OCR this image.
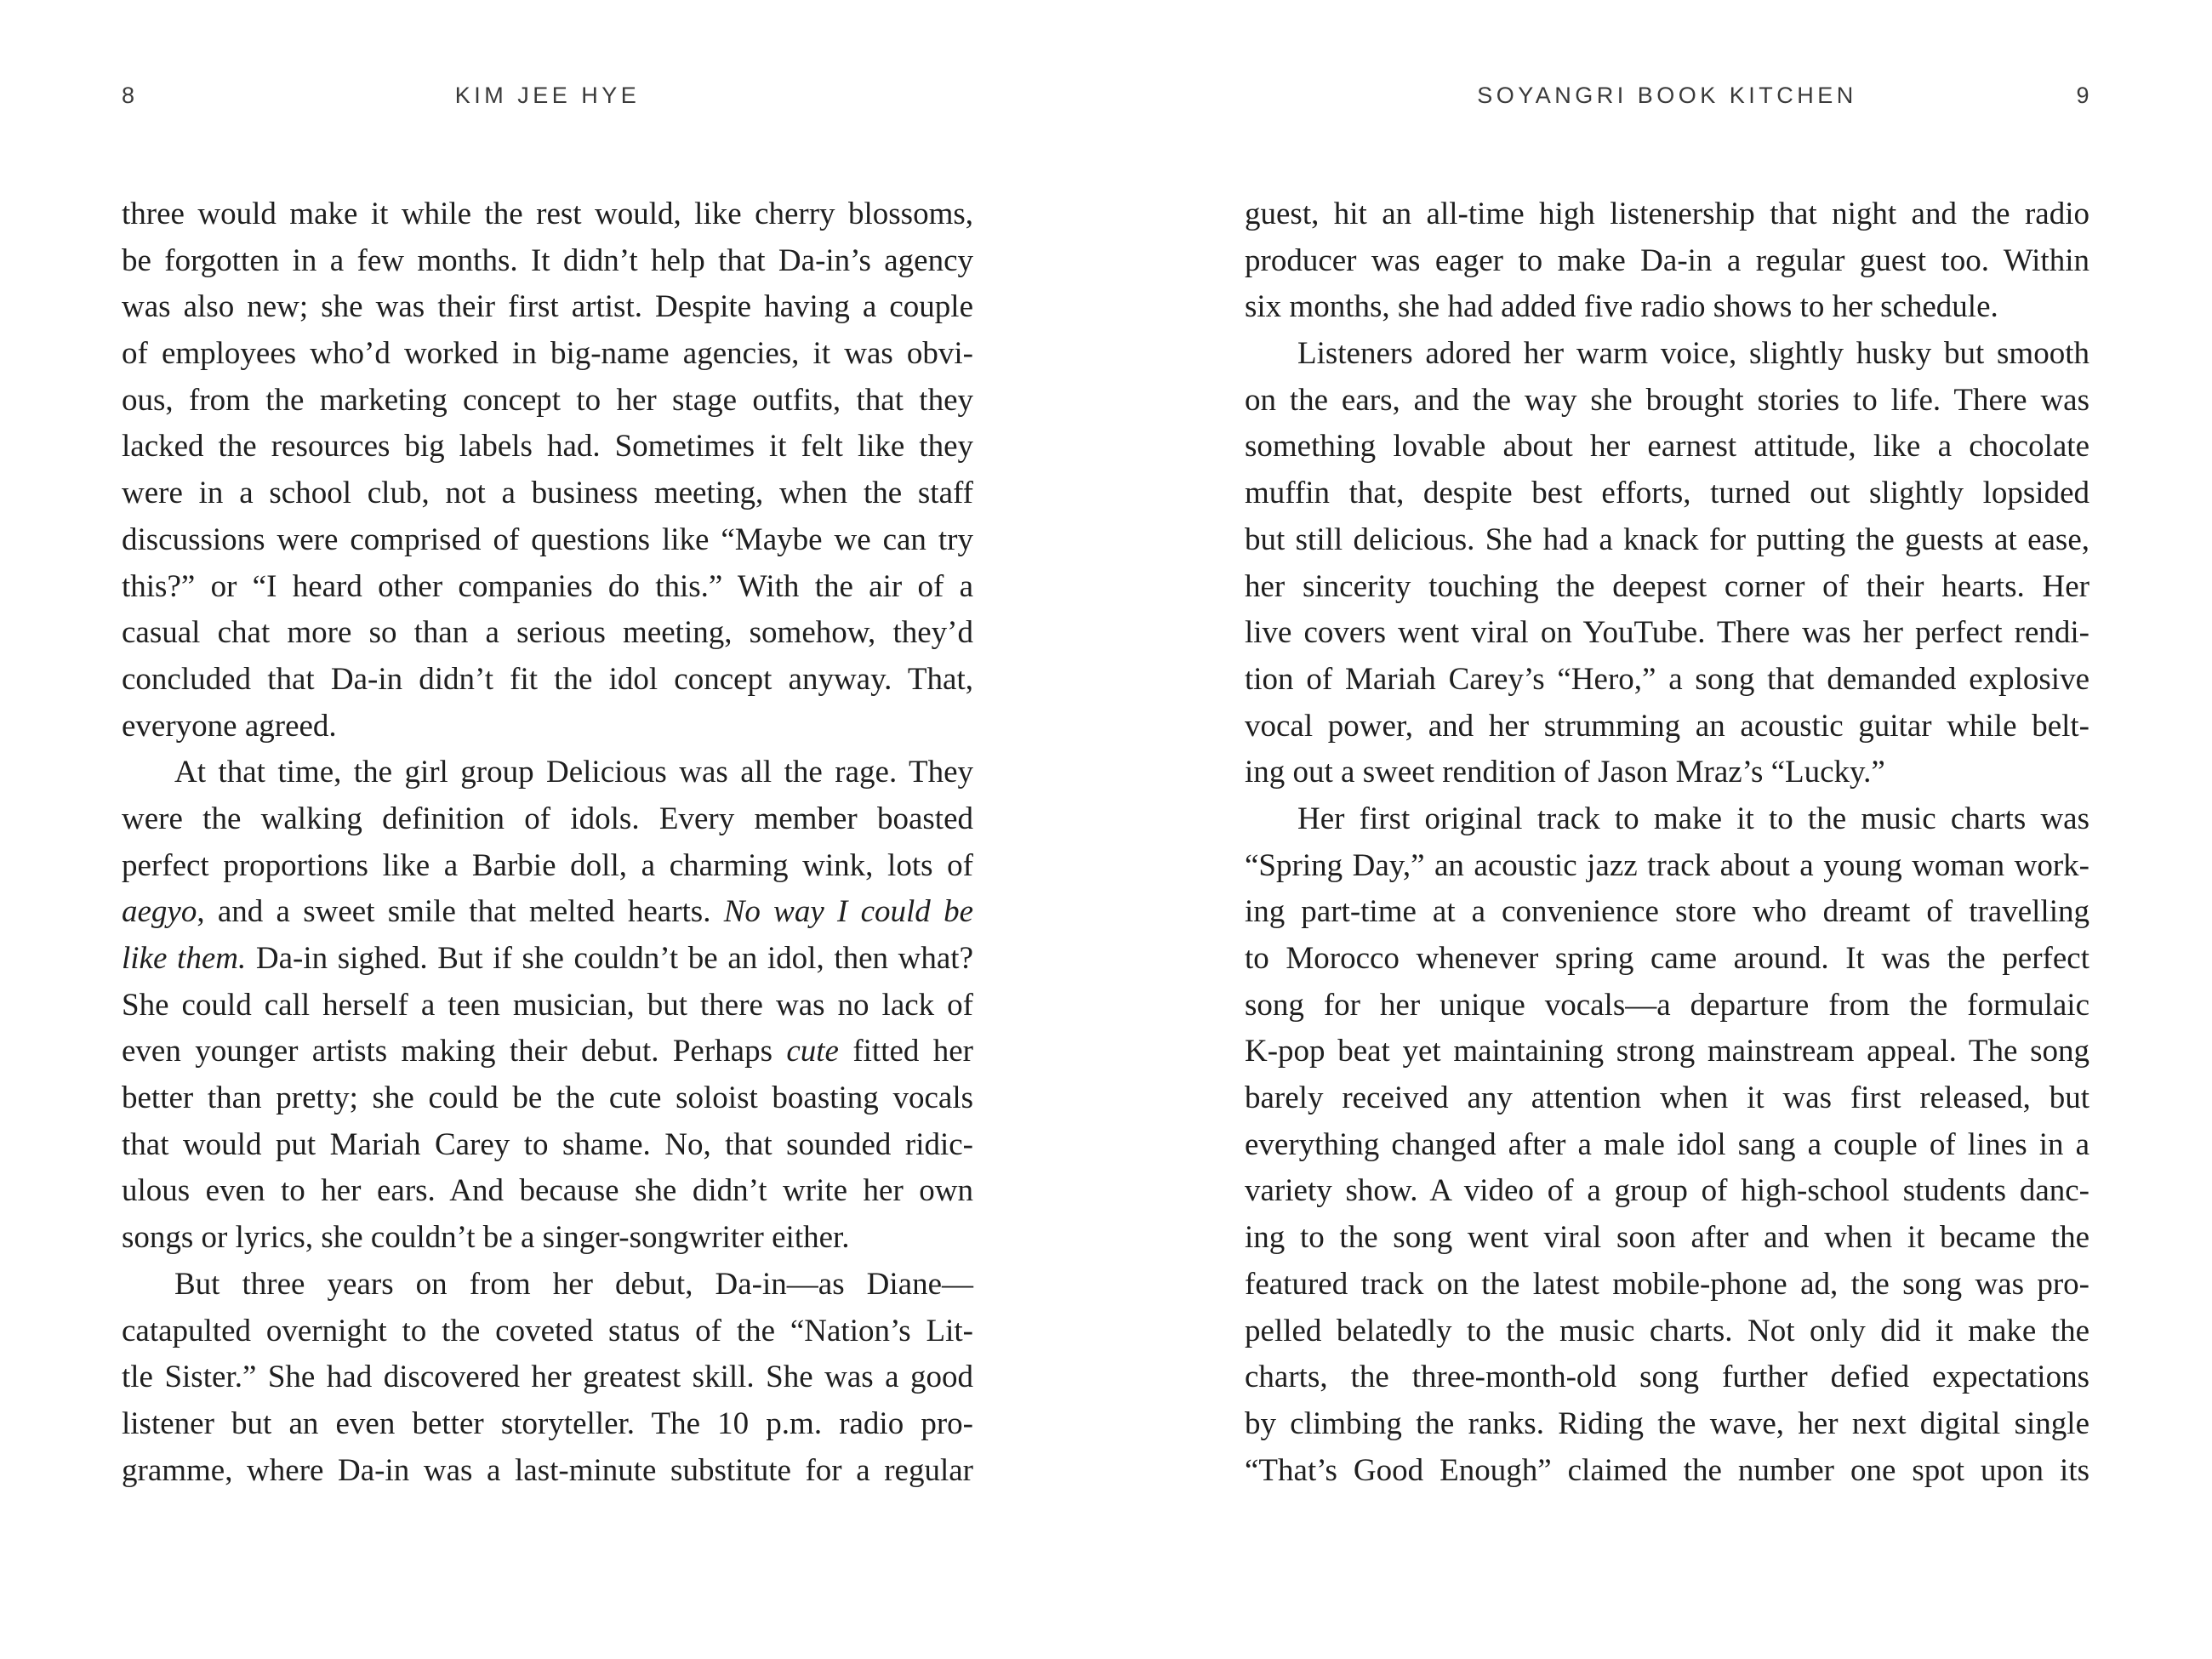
8	KIM JEE HYE	SOYANGRI BOOK KITCHEN	9
three would make it while the rest would, like cherry blossoms,
be forgotten in a few months. It didn’t help that Da-in’s agency
was also new; she was their first artist. Despite having a couple
of employees who’d worked in big-name agencies, it was obvi-
ous, from the marketing concept to her stage outfits, that they
lacked the resources big labels had. Sometimes it felt like they
were in a school club, not a business meeting, when the staff
discussions were comprised of questions like “Maybe we can try
this?” or “I heard other companies do this.” With the air of a
casual chat more so than a serious meeting, somehow, they’d
concluded that Da-in didn’t fit the idol concept anyway. That,
everyone agreed.
At that time, the girl group Delicious was all the rage. They
were the walking definition of idols. Every member boasted
perfect proportions like a Barbie doll, a charming wink, lots of
aegyo, and a sweet smile that melted hearts. No way I could be
like them. Da-in sighed. But if she couldn’t be an idol, then what?
She could call herself a teen musician, but there was no lack of
even younger artists making their debut. Perhaps cute fitted her
better than pretty; she could be the cute soloist boasting vocals
that would put Mariah Carey to shame. No, that sounded ridic-
ulous even to her ears. And because she didn’t write her own
songs or lyrics, she couldn’t be a singer-songwriter either.
But three years on from her debut, Da-in—as Diane—
catapulted overnight to the coveted status of the “Nation’s Lit-
tle Sister.” She had discovered her greatest skill. She was a good
listener but an even better storyteller. The 10 p.m. radio pro-
gramme, where Da-in was a last-minute substitute for a regular
guest, hit an all-time high listenership that night and the radio
producer was eager to make Da-in a regular guest too. Within
six months, she had added five radio shows to her schedule.
Listeners adored her warm voice, slightly husky but smooth
on the ears, and the way she brought stories to life. There was
something lovable about her earnest attitude, like a chocolate
muffin that, despite best efforts, turned out slightly lopsided
but still delicious. She had a knack for putting the guests at ease,
her sincerity touching the deepest corner of their hearts. Her
live covers went viral on YouTube. There was her perfect rendi-
tion of Mariah Carey’s “Hero,” a song that demanded explosive
vocal power, and her strumming an acoustic guitar while belt-
ing out a sweet rendition of Jason Mraz’s “Lucky.”
Her first original track to make it to the music charts was
“Spring Day,” an acoustic jazz track about a young woman work-
ing part-time at a convenience store who dreamt of travelling
to Morocco whenever spring came around. It was the perfect
song for her unique vocals—a departure from the formulaic
K-pop beat yet maintaining strong mainstream appeal. The song
barely received any attention when it was first released, but
everything changed after a male idol sang a couple of lines in a
variety show. A video of a group of high-school students danc-
ing to the song went viral soon after and when it became the
featured track on the latest mobile-phone ad, the song was pro-
pelled belatedly to the music charts. Not only did it make the
charts, the three-month-old song further defied expectations
by climbing the ranks. Riding the wave, her next digital single
“That’s Good Enough” claimed the number one spot upon its
